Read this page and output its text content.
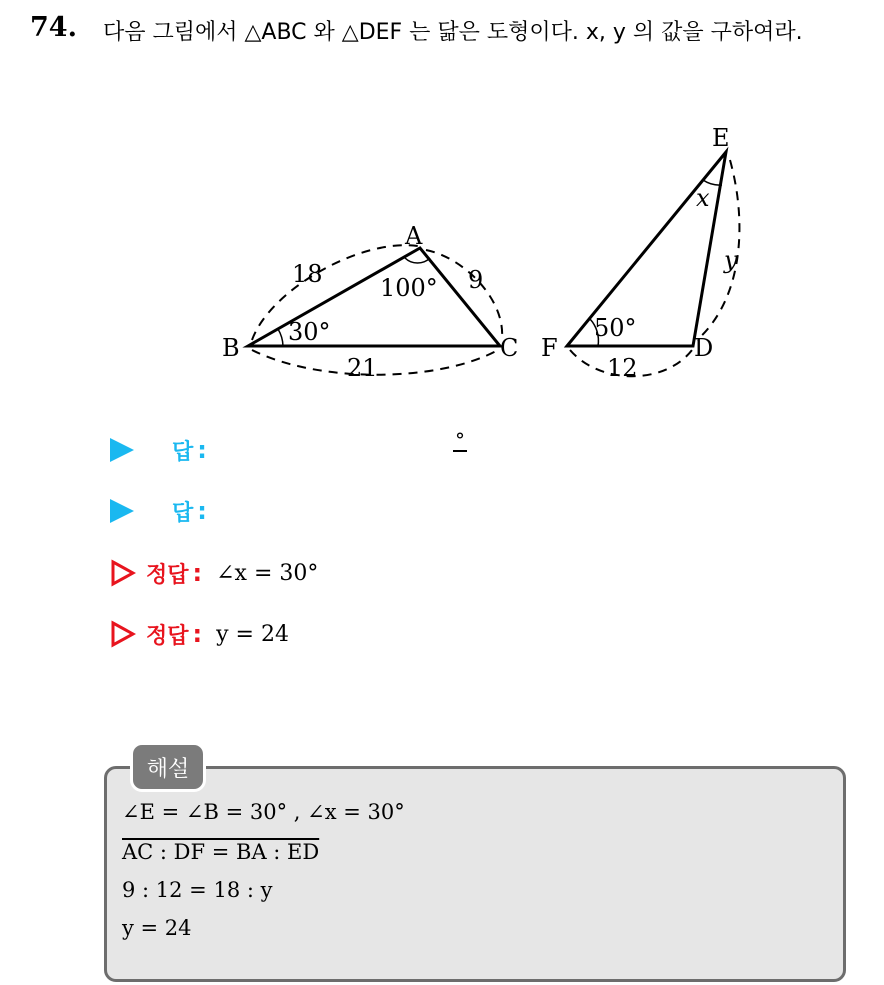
74. 다음 그림에서 △ABC 와 △DEF 는 닮은 도형이다. x, y 의 값을 구하여라.
A
B	C
18	9
21
100°
30°
E
F	D
y
12
x
50°
답 :	°
답 :
정답 : ∠x = 30°
정답 : y = 24
해설
∠E = ∠B = 30° , ∠x = 30°
AC : DF = BA : ED
9 : 12 = 18 : y
y = 24
